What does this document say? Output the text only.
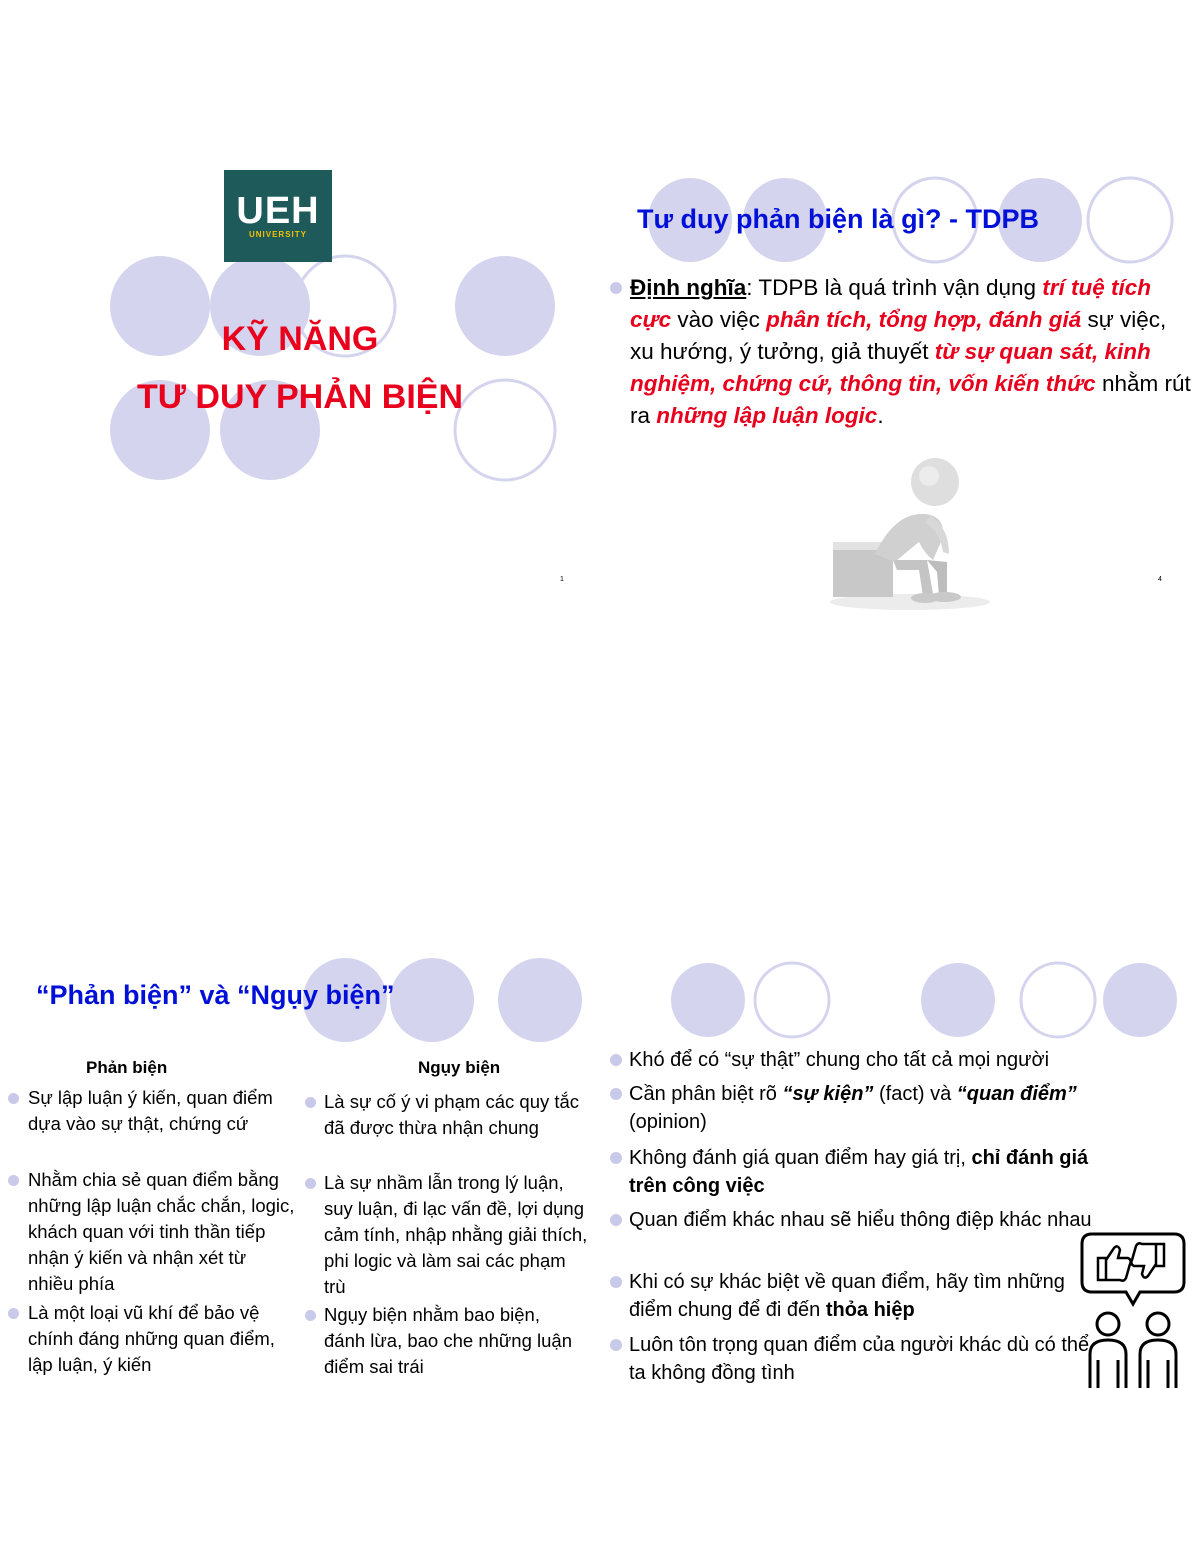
UEH
UNIVERSITY
KỸ NĂNG
TƯ DUY PHẢN BIỆN
1
Tư duy phản biện là gì? - TDPB
Định nghĩa: TDPB là quá trình vận dụng trí tuệ tích cực vào việc phân tích, tổng hợp, đánh giá sự việc, xu hướng, ý tưởng, giả thuyết từ sự quan sát, kinh nghiệm, chứng cứ, thông tin, vốn kiến thức nhằm rút ra những lập luận logic.
4
“Phản biện” và “Ngụy biện”
Phản biện	Ngụy biện
Sự lập luận ý kiến, quan điểm dựa vào sự thật, chứng cứ
Nhằm chia sẻ quan điểm bằng những lập luận chắc chắn, logic, khách quan với tinh thần tiếp nhận ý kiến và nhận xét từ nhiều phía
Là một loại vũ khí để bảo vệ chính đáng những quan điểm, lập luận, ý kiến
Là sự cố ý vi phạm các quy tắc đã được thừa nhận chung
Là sự nhầm lẫn trong lý luận, suy luận, đi lạc vấn đề, lợi dụng cảm tính, nhập nhằng giải thích, phi logic và làm sai các phạm trù
Ngụy biện nhằm bao biện, đánh lừa, bao che những luận điểm sai trái
Khó để có “sự thật” chung cho tất cả mọi người
Cần phân biệt rõ “sự kiện” (fact) và “quan điểm” (opinion)
Không đánh giá quan điểm hay giá trị, chỉ đánh giá trên công việc
Quan điểm khác nhau sẽ hiểu thông điệp khác nhau
Khi có sự khác biệt về quan điểm, hãy tìm những điểm chung để đi đến thỏa hiệp
Luôn tôn trọng quan điểm của người khác dù có thể ta không đồng tình
